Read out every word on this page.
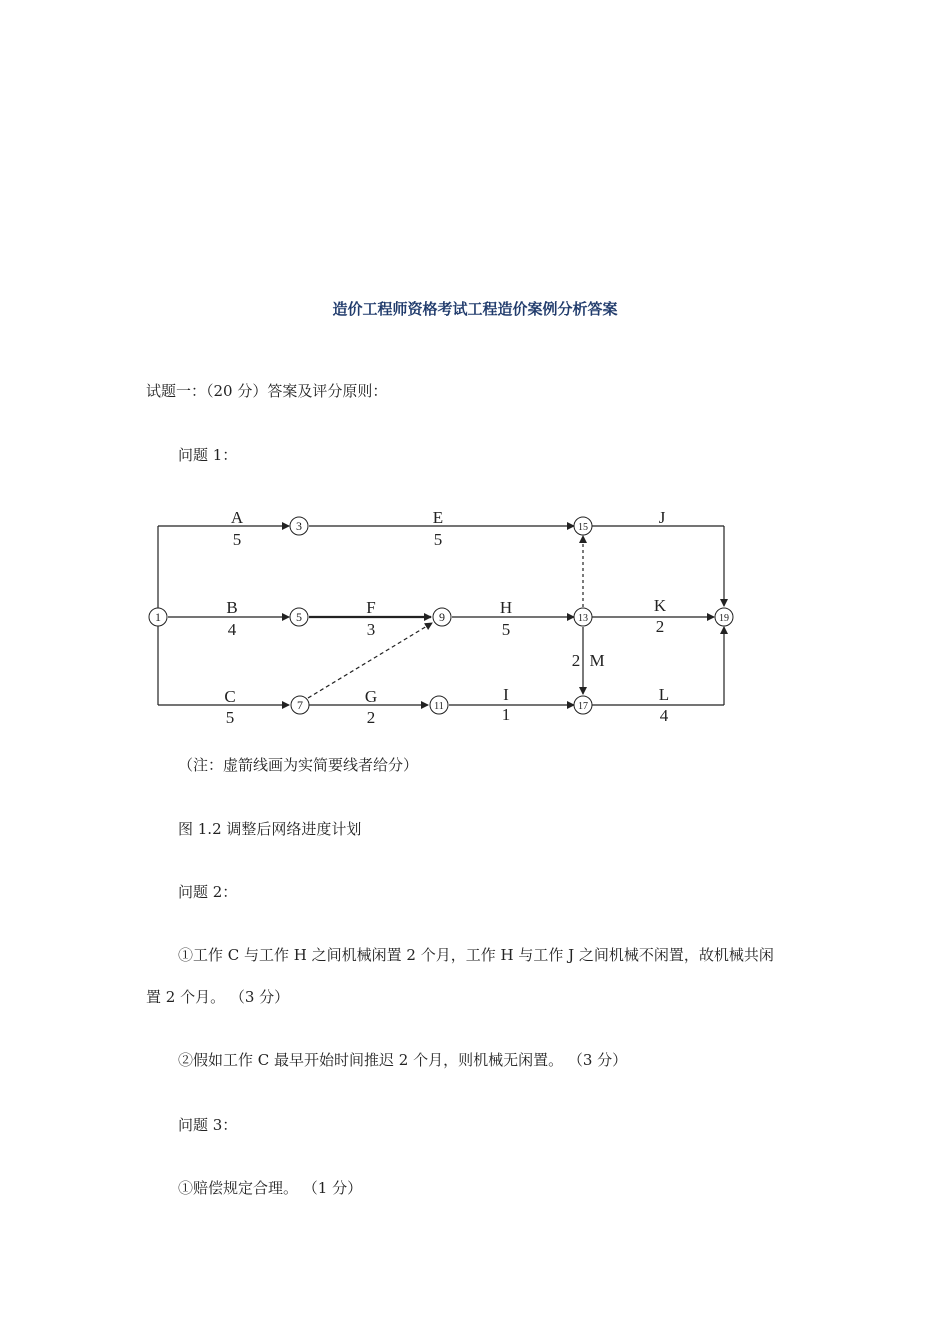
造价工程师资格考试工程造价案例分析答案
试题一：（20 分）答案及评分原则：
问题 1：
1
3
5
7
9
11
13
15
17
19
A
5
E
5
J
B
4
F
3
H
5
K
2
M
2
C
5
G
2
I
1
L
4
（注：虚箭线画为实简要线者给分）
图 1.2 调整后网络进度计划
问题 2：
①工作 C 与工作 H 之间机械闲置 2 个月，工作 H 与工作 J 之间机械不闲置，故机械共闲
置 2 个月。 （3 分）
②假如工作 C 最早开始时间推迟 2 个月，则机械无闲置。 （3 分）
问题 3：
①赔偿规定合理。 （1 分）
